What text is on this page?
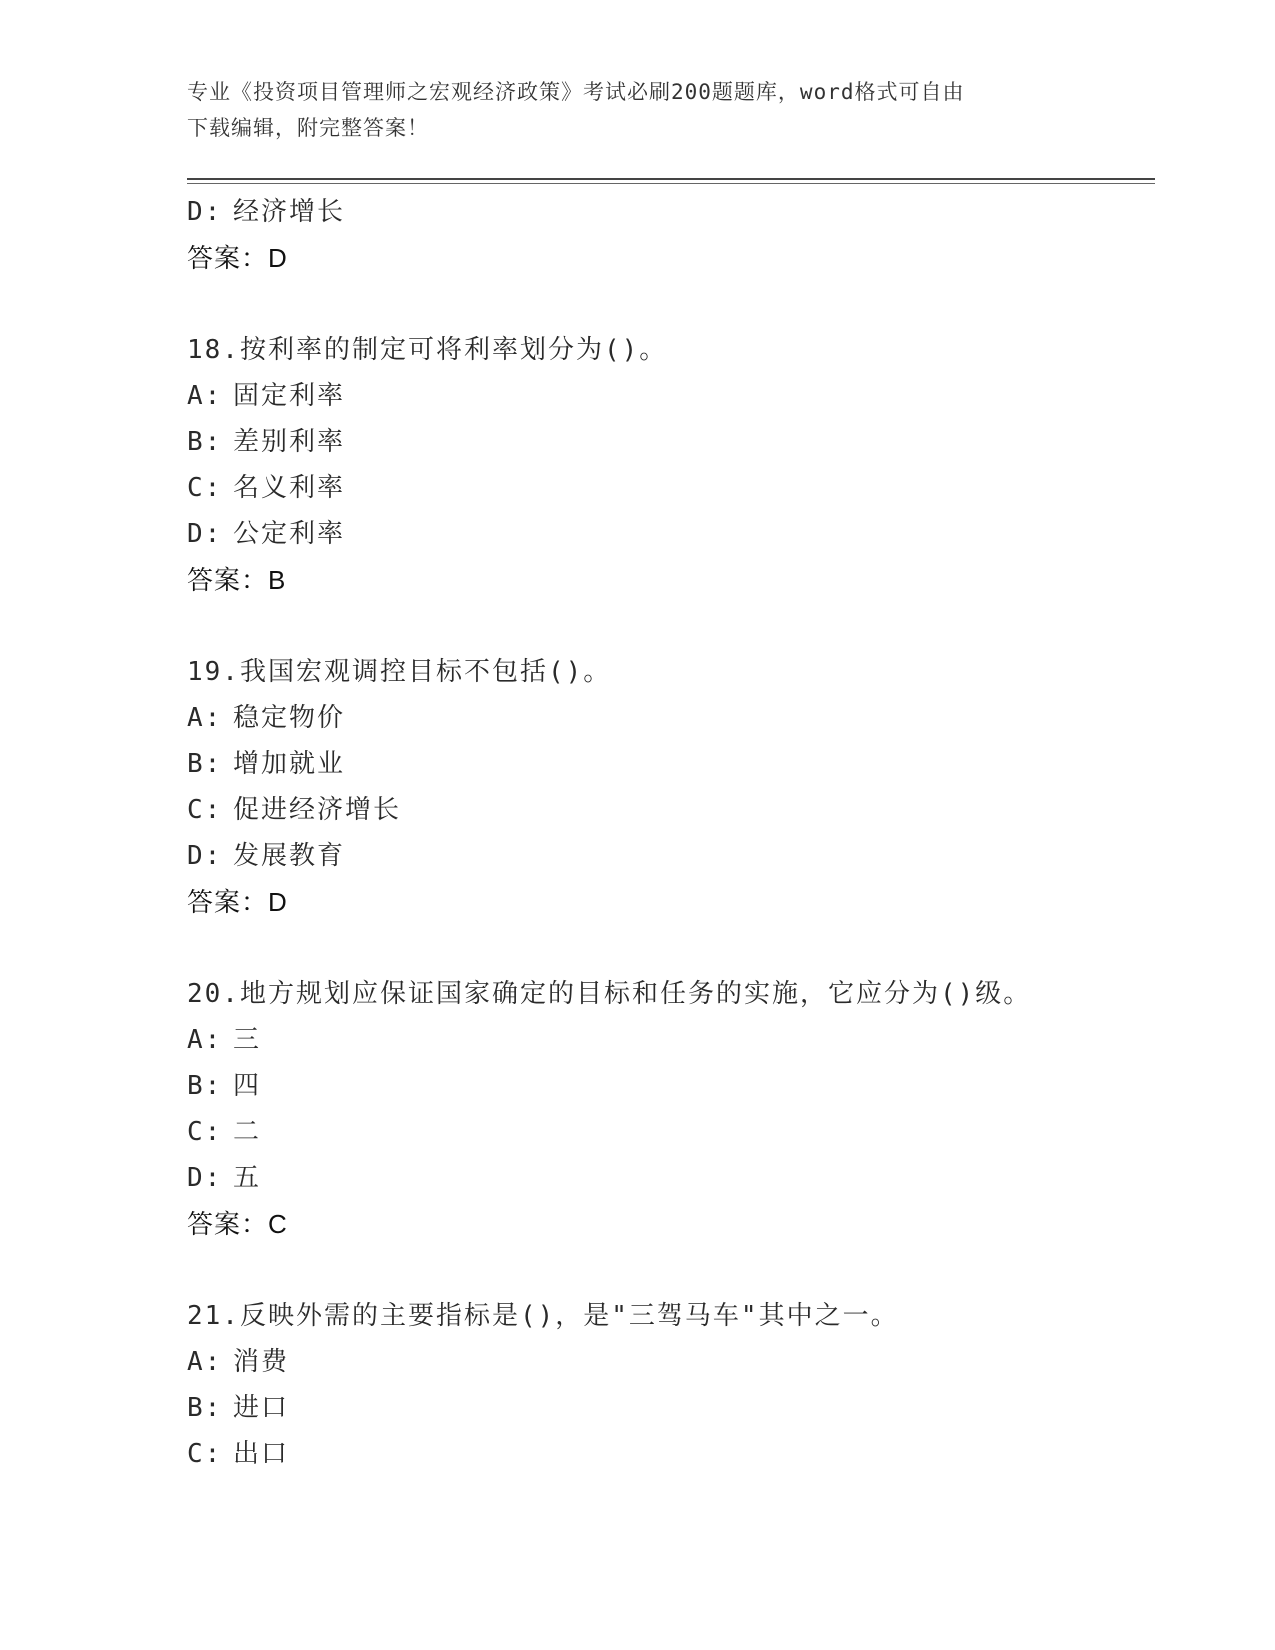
专业《投资项目管理师之宏观经济政策》考试必刷200题题库，word格式可自由
下载编辑，附完整答案！
D: 经济增长
答案：D
18.按利率的制定可将利率划分为()。
A: 固定利率
B: 差别利率
C: 名义利率
D: 公定利率
答案：B
19.我国宏观调控目标不包括()。
A: 稳定物价
B: 增加就业
C: 促进经济增长
D: 发展教育
答案：D
20.地方规划应保证国家确定的目标和任务的实施，它应分为()级。
A: 三
B: 四
C: 二
D: 五
答案：C
21.反映外需的主要指标是()，是"三驾马车"其中之一。
A: 消费
B: 进口
C: 出口
